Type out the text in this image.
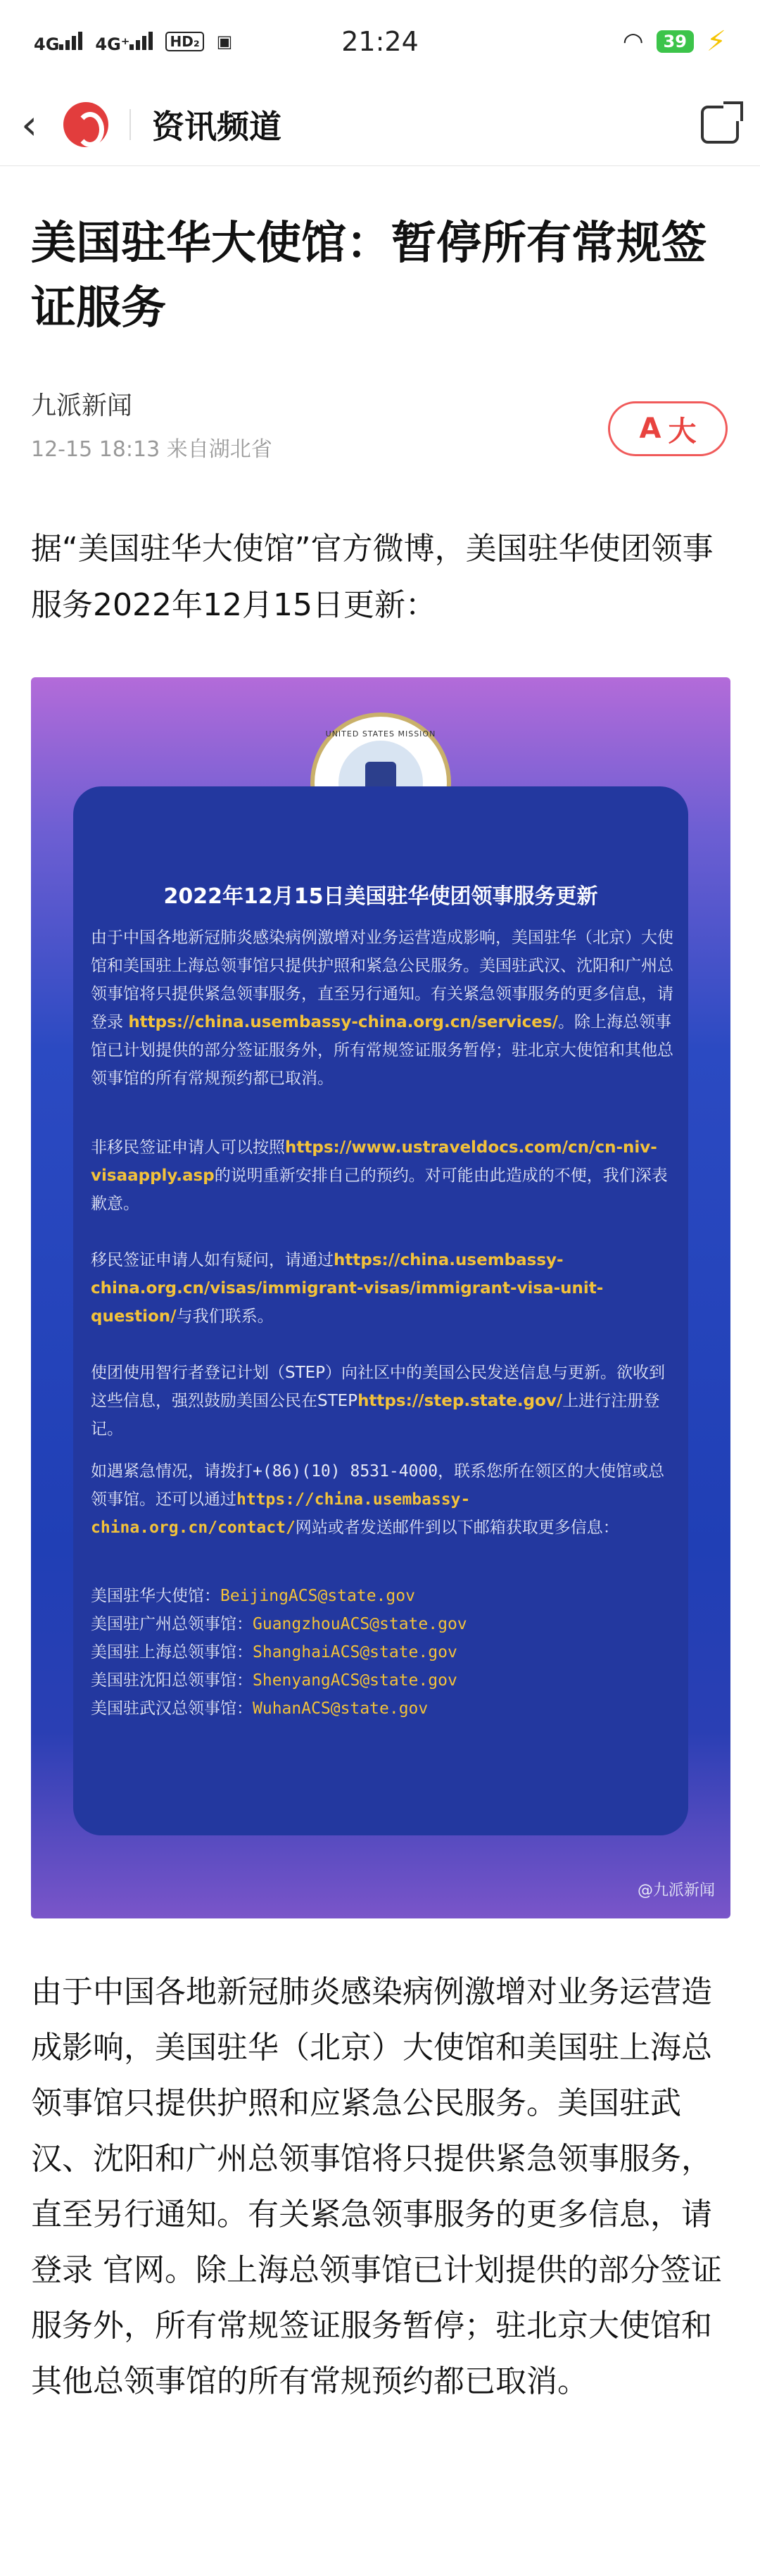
4G	4G⁺	HD₂ ▣	21:24	◠	39 ⚡
‹	资讯频道
美国驻华大使馆：暂停所有常规签证服务
九派新闻
12-15 18:13 来自湖北省
A 大

据“美国驻华大使馆”官方微博，美国驻华使团领事服务2022年12月15日更新：

UNITED STATES MISSION
2022年12月15日美国驻华使团领事服务更新
由于中国各地新冠肺炎感染病例激增对业务运营造成影响，美国驻华（北京）大使馆和美国驻上海总领事馆只提供护照和紧急公民服务。美国驻武汉、沈阳和广州总领事馆将只提供紧急领事服务，直至另行通知。有关紧急领事服务的更多信息，请登录 https://china.usembassy-china.org.cn/services/。除上海总领事馆已计划提供的部分签证服务外，所有常规签证服务暂停；驻北京大使馆和其他总领事馆的所有常规预约都已取消。
非移民签证申请人可以按照https://www.ustraveldocs.com/cn/cn-niv-visaapply.asp的说明重新安排自己的预约。对可能由此造成的不便，我们深表歉意。
移民签证申请人如有疑问，请通过https://china.usembassy-china.org.cn/visas/immigrant-visas/immigrant-visa-unit-question/与我们联系。
使团使用智行者登记计划（STEP）向社区中的美国公民发送信息与更新。欲收到这些信息，强烈鼓励美国公民在STEPhttps://step.state.gov/上进行注册登记。
如遇紧急情况，请拨打+(86)(10) 8531-4000，联系您所在领区的大使馆或总领事馆。还可以通过https://china.usembassy-china.org.cn/contact/网站或者发送邮件到以下邮箱获取更多信息：
美国驻华大使馆：BeijingACS@state.gov
美国驻广州总领事馆：GuangzhouACS@state.gov
美国驻上海总领事馆：ShanghaiACS@state.gov
美国驻沈阳总领事馆：ShenyangACS@state.gov
美国驻武汉总领事馆：WuhanACS@state.gov
@九派新闻

由于中国各地新冠肺炎感染病例激增对业务运营造成影响，美国驻华（北京）大使馆和美国驻上海总领事馆只提供护照和应紧急公民服务。美国驻武汉、沈阳和广州总领事馆将只提供紧急领事服务，直至另行通知。有关紧急领事服务的更多信息，请登录 官网。除上海总领事馆已计划提供的部分签证服务外，所有常规签证服务暂停；驻北京大使馆和其他总领事馆的所有常规预约都已取消。
